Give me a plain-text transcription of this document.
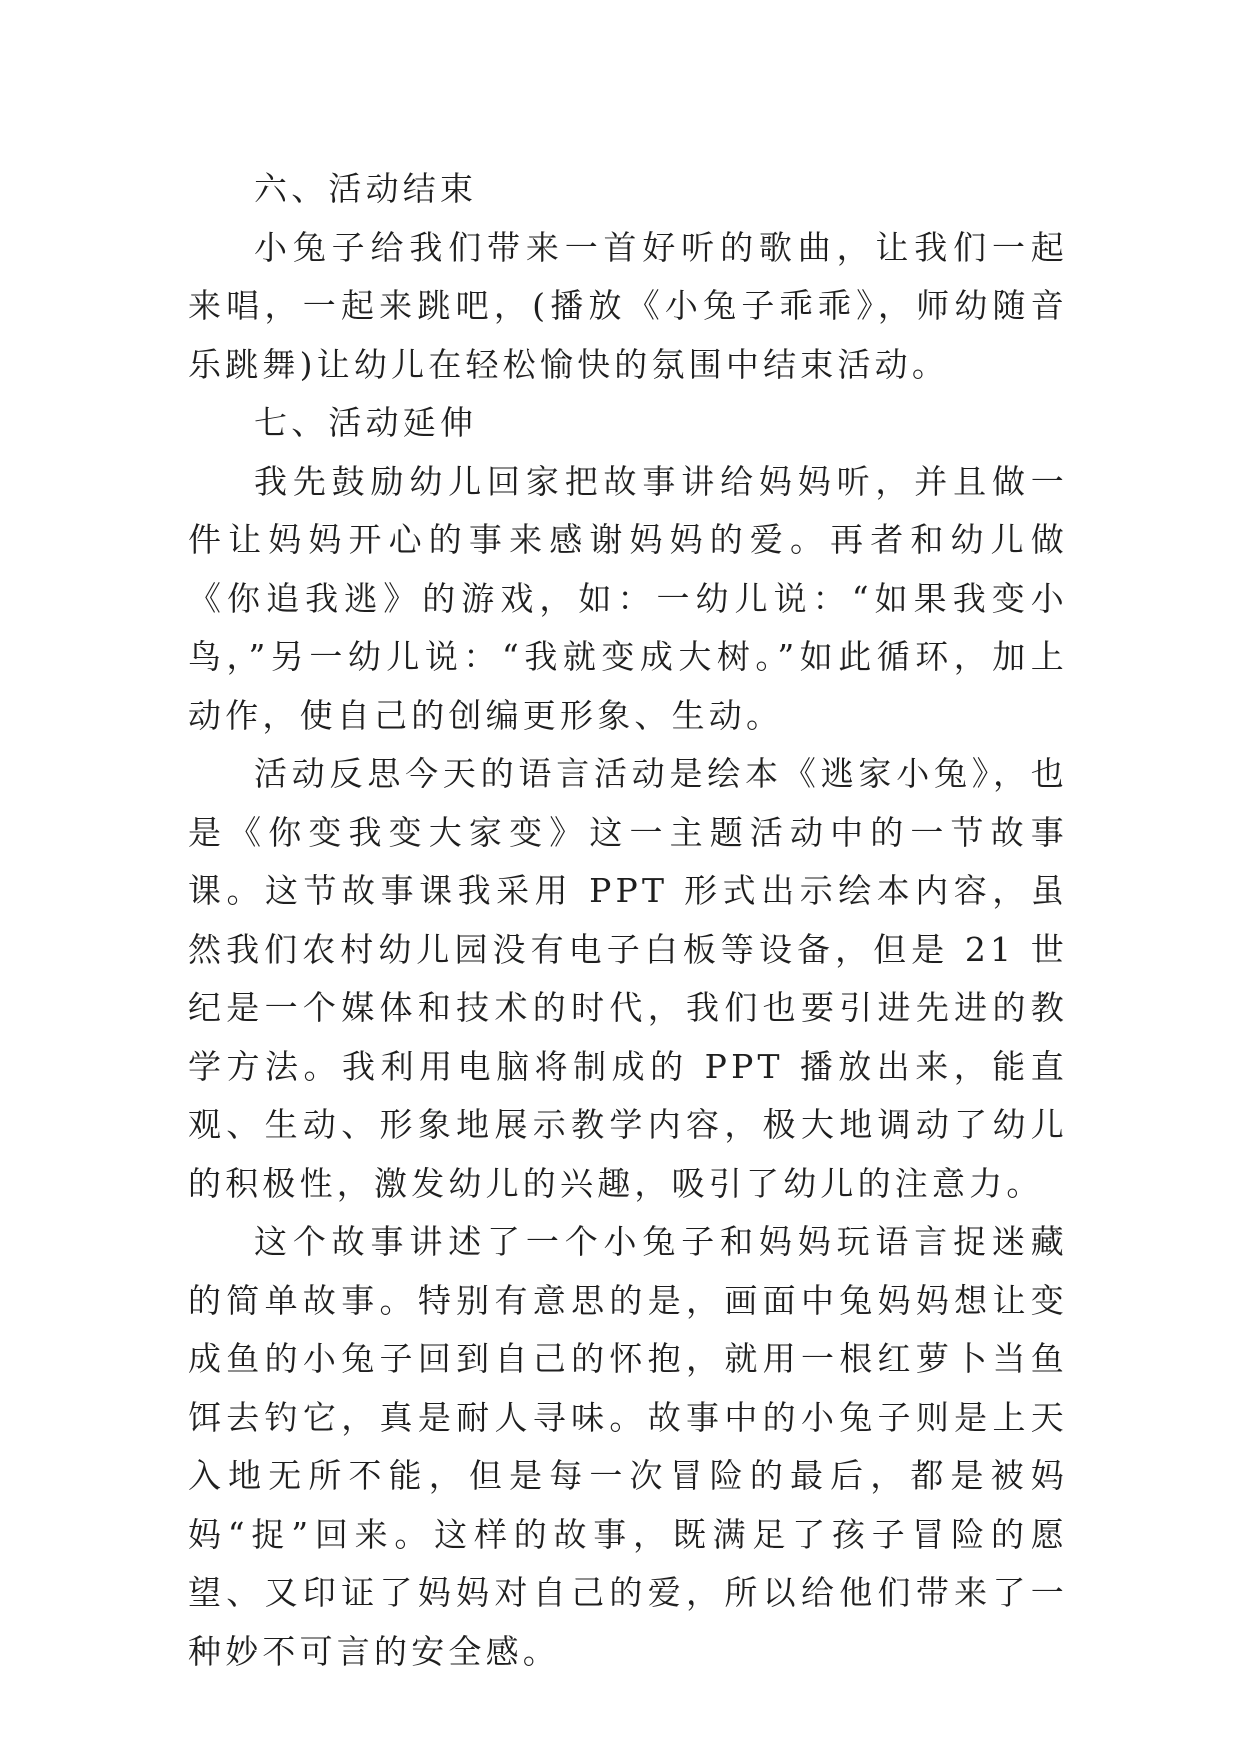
六、活动结束

小兔子给我们带来一首好听的歌曲，让我们一起来唱，一起来跳吧，(播放《小兔子乖乖》，师幼随音乐跳舞)让幼儿在轻松愉快的氛围中结束活动。

七、活动延伸

我先鼓励幼儿回家把故事讲给妈妈听，并且做一件让妈妈开心的事来感谢妈妈的爱。再者和幼儿做《你追我逃》的游戏，如：一幼儿说：“如果我变小鸟，”另一幼儿说：“我就变成大树。”如此循环，加上动作，使自己的创编更形象、生动。

活动反思今天的语言活动是绘本《逃家小兔》，也是《你变我变大家变》这一主题活动中的一节故事课。这节故事课我采用 PPT 形式出示绘本内容，虽然我们农村幼儿园没有电子白板等设备，但是 21 世纪是一个媒体和技术的时代，我们也要引进先进的教学方法。我利用电脑将制成的 PPT 播放出来，能直观、生动、形象地展示教学内容，极大地调动了幼儿的积极性，激发幼儿的兴趣，吸引了幼儿的注意力。

这个故事讲述了一个小兔子和妈妈玩语言捉迷藏的简单故事。特别有意思的是，画面中兔妈妈想让变成鱼的小兔子回到自己的怀抱，就用一根红萝卜当鱼饵去钓它，真是耐人寻味。故事中的小兔子则是上天入地无所不能，但是每一次冒险的最后，都是被妈妈“捉”回来。这样的故事，既满足了孩子冒险的愿望、又印证了妈妈对自己的爱，所以给他们带来了一种妙不可言的安全感。
